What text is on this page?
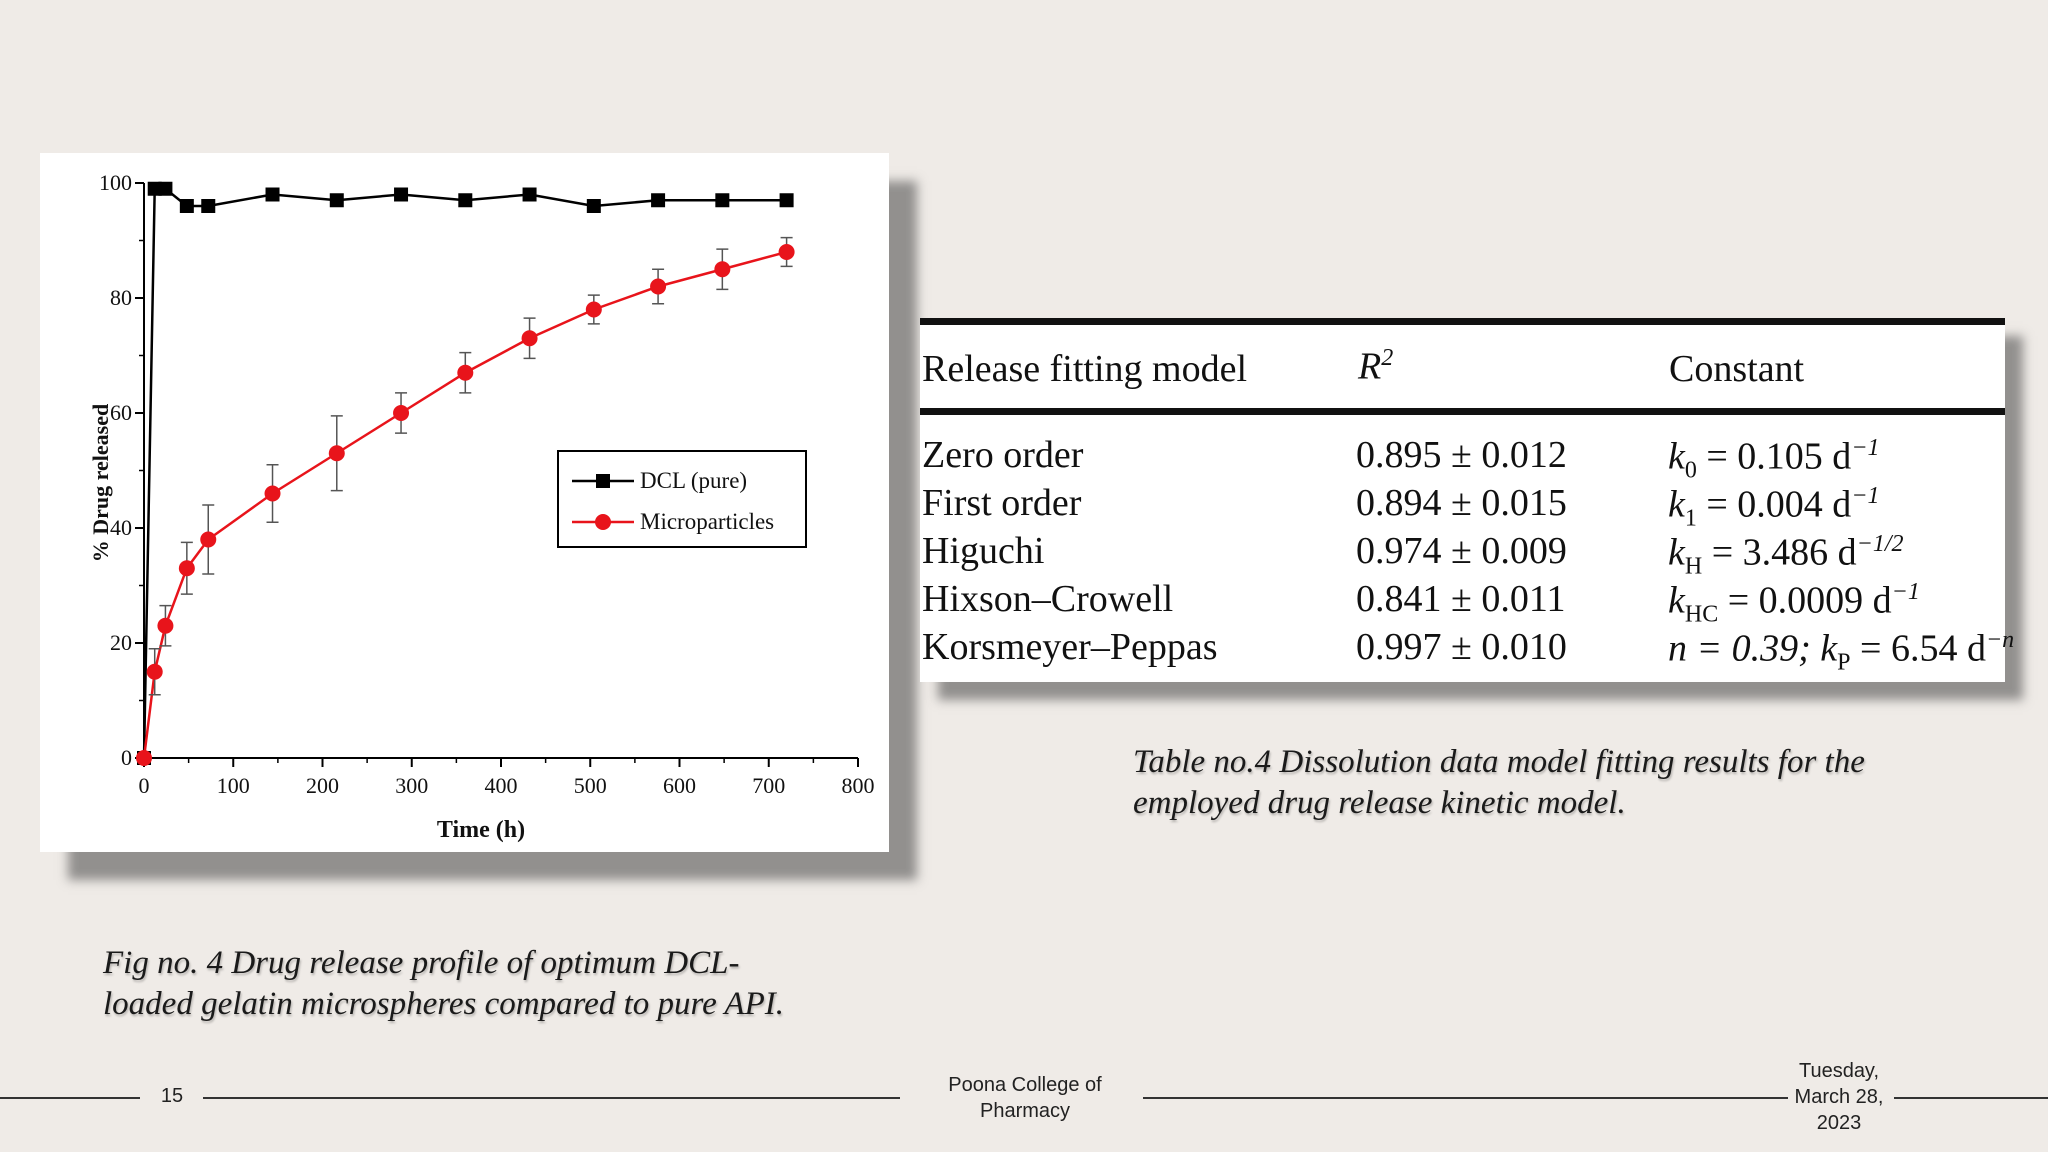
0	100	200	300	400	500	600	700	800
0
20
40
60
80
100
Time (h)
% Drug released	DCL (pure)
Microparticles
Fig no. 4 Drug release profile of optimum DCL-
loaded gelatin microspheres compared to pure API.
Release fitting model	$R^2$	Constant
Zero order	0.895 ± 0.012	$k_0 = 0.105$ $d^{-1}$
First order	0.894 ± 0.015	$k_1 = 0.004$ $d^{-1}$
Higuchi	0.974 ± 0.009	$k_H = 3.486$ $d^{-1/2}$
Hixson–Crowell	0.841 ± 0.011	$k_{HC} = 0.0009$ $d^{-1}$
Korsmeyer–Peppas	0.997 ± 0.010	n = 0.39; $k_P = 6.54$ $d^{-n}$
Table no.4 Dissolution data model fitting results for the
employed drug release kinetic model.
15	Poona College of
Pharmacy
Tuesday,
March 28,
2023
